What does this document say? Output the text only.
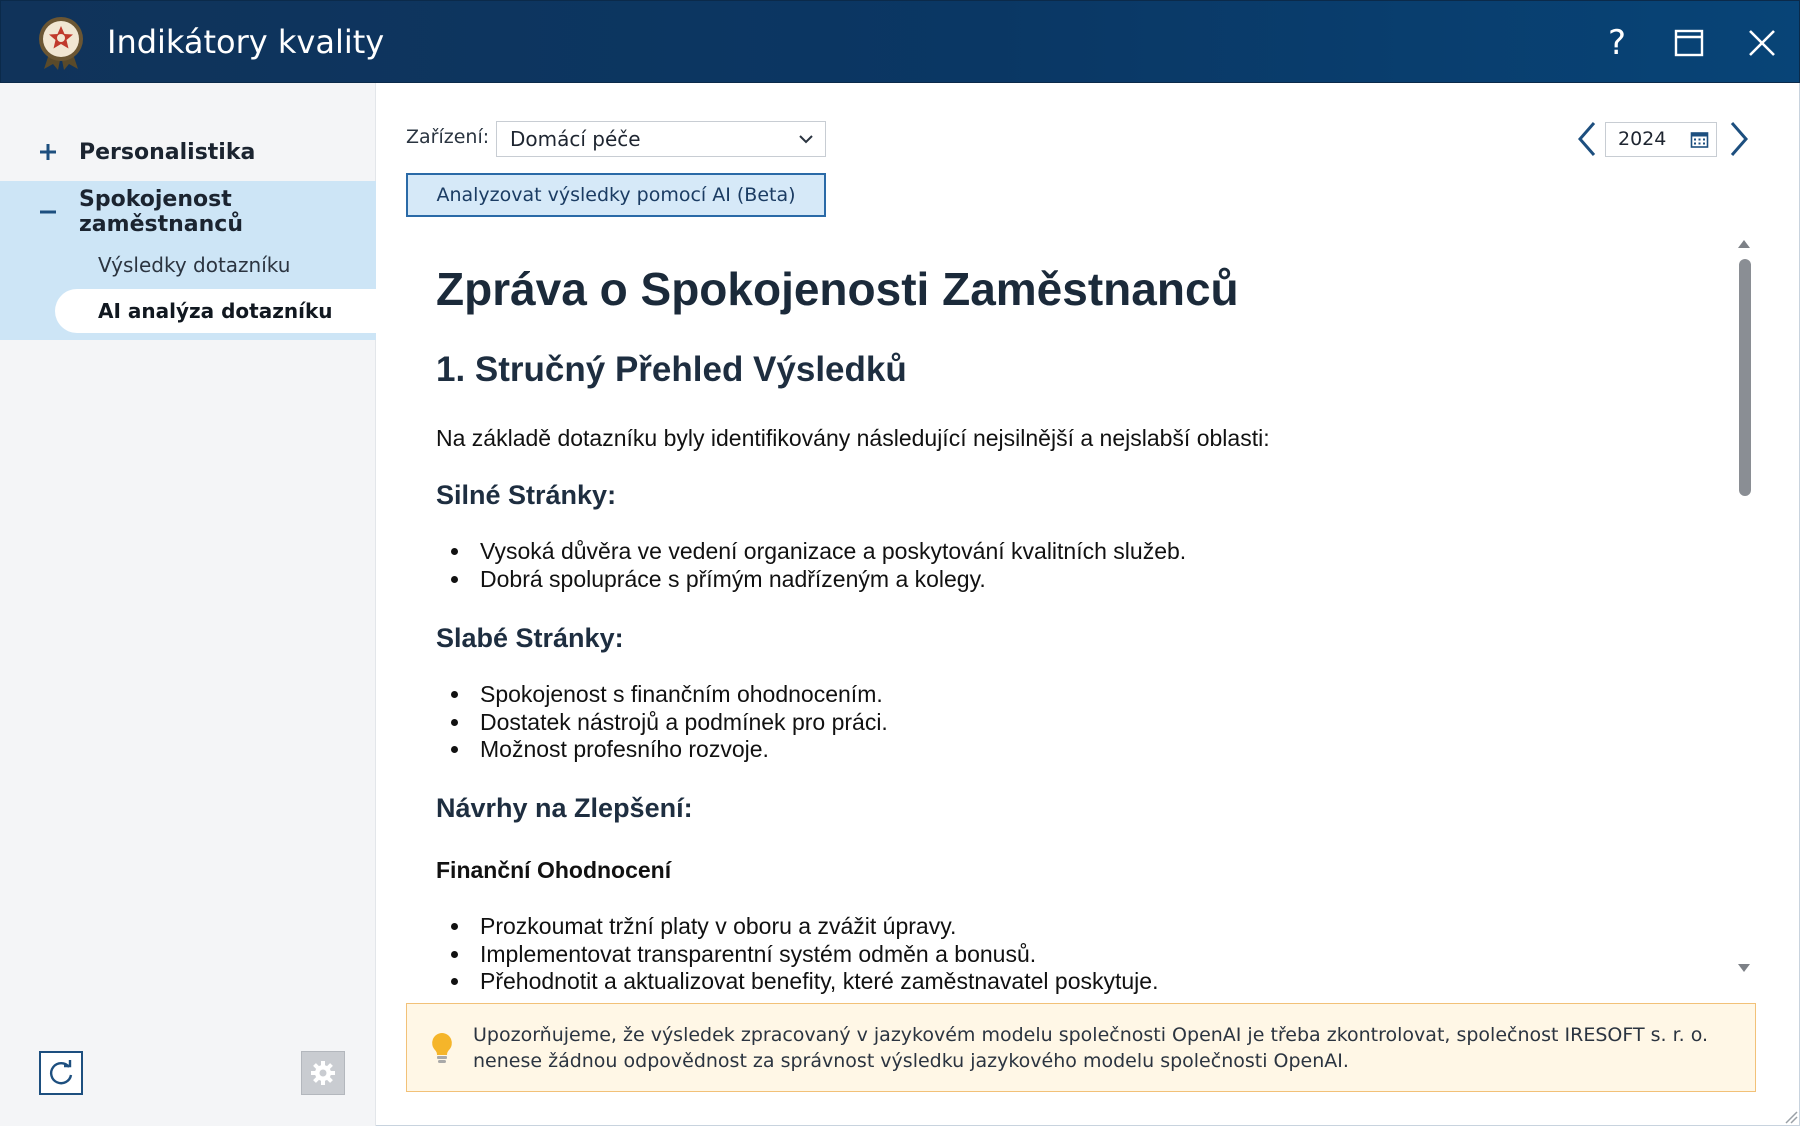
Indikátory kvality	?
Personalistika
Spokojenost zaměstnanců
Výsledky dotazníku
AI analýza dotazníku
Zařízení: Domácí péče
Analyzovat výsledky pomocí AI (Beta)
2024
Zpráva o Spokojenosti Zaměstnanců
1. Stručný Přehled Výsledků
Na základě dotazníku byly identifikovány následující nejsilnější a nejslabší oblasti:
Silné Stránky:
• Vysoká důvěra ve vedení organizace a poskytování kvalitních služeb.
• Dobrá spolupráce s přímým nadřízeným a kolegy.
Slabé Stránky:
• Spokojenost s finančním ohodnocením.
• Dostatek nástrojů a podmínek pro práci.
• Možnost profesního rozvoje.
Návrhy na Zlepšení:
Finanční Ohodnocení
• Prozkoumat tržní platy v oboru a zvážit úpravy.
• Implementovat transparentní systém odměn a bonusů.
• Přehodnotit a aktualizovat benefity, které zaměstnavatel poskytuje.
Upozorňujeme, že výsledek zpracovaný v jazykovém modelu společnosti OpenAI je třeba zkontrolovat, společnost IRESOFT s. r. o. nenese žádnou odpovědnost za správnost výsledku jazykového modelu společnosti OpenAI.
